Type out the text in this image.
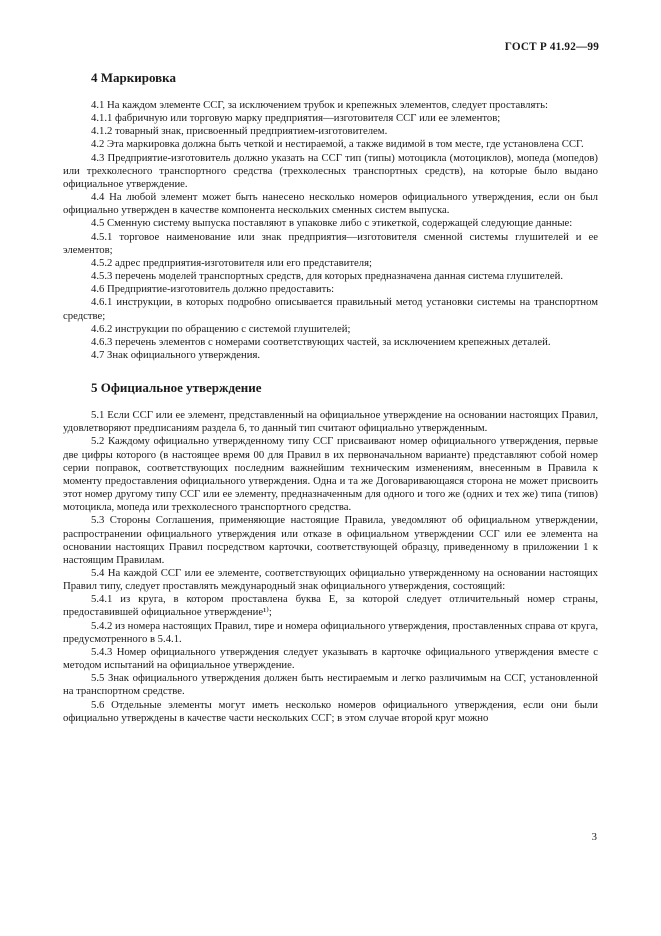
ГОСТ Р 41.92—99
4 Маркировка

4.1 На каждом элементе ССГ, за исключением трубок и крепежных элементов, следует проставлять:

4.1.1 фабричную или торговую марку предприятия—изготовителя ССГ или ее элементов;

4.1.2 товарный знак, присвоенный предприятием-изготовителем.

4.2 Эта маркировка должна быть четкой и нестираемой, а также видимой в том месте, где установлена ССГ.

4.3 Предприятие-изготовитель должно указать на ССГ тип (типы) мотоцикла (мотоциклов), мопеда (мопедов) или трехколесного транспортного средства (трехколесных транспортных средств), на которые было выдано официальное утверждение.

4.4 На любой элемент может быть нанесено несколько номеров официального утверждения, если он был официально утвержден в качестве компонента нескольких сменных систем выпуска.

4.5 Сменную систему выпуска поставляют в упаковке либо с этикеткой, содержащей следующие данные:

4.5.1 торговое наименование или знак предприятия—изготовителя сменной системы глушителей и ее элементов;

4.5.2 адрес предприятия-изготовителя или его представителя;

4.5.3 перечень моделей транспортных средств, для которых предназначена данная система глушителей.

4.6 Предприятие-изготовитель должно предоставить:

4.6.1 инструкции, в которых подробно описывается правильный метод установки системы на транспортном средстве;

4.6.2 инструкции по обращению с системой глушителей;

4.6.3 перечень элементов с номерами соответствующих частей, за исключением крепежных деталей.

4.7 Знак официального утверждения.

5 Официальное утверждение

5.1 Если ССГ или ее элемент, представленный на официальное утверждение на основании настоящих Правил, удовлетворяют предписаниям раздела 6, то данный тип считают официально утвержденным.

5.2 Каждому официально утвержденному типу ССГ присваивают номер официального утверждения, первые две цифры которого (в настоящее время 00 для Правил в их первоначальном варианте) представляют собой номер серии поправок, соответствующих последним важнейшим техническим изменениям, внесенным в Правила к моменту предоставления официального утверждения. Одна и та же Договаривающаяся сторона не может присвоить этот номер другому типу ССГ или ее элементу, предназначенным для одного и того же (одних и тех же) типа (типов) мотоцикла, мопеда или трехколесного транспортного средства.

5.3 Стороны Соглашения, применяющие настоящие Правила, уведомляют об официальном утверждении, распространении официального утверждения или отказе в официальном утверждении ССГ или ее элемента на основании настоящих Правил посредством карточки, соответствующей образцу, приведенному в приложении 1 к настоящим Правилам.

5.4 На каждой ССГ или ее элементе, соответствующих официально утвержденному на основании настоящих Правил типу, следует проставлять международный знак официального утверждения, состоящий:

5.4.1 из круга, в котором проставлена буква Е, за которой следует отличительный номер страны, предоставившей официальное утверждение¹⁾;

5.4.2 из номера настоящих Правил, тире и номера официального утверждения, проставленных справа от круга, предусмотренного в 5.4.1.

5.4.3 Номер официального утверждения следует указывать в карточке официального утверждения вместе с методом испытаний на официальное утверждение.

5.5 Знак официального утверждения должен быть нестираемым и легко различимым на ССГ, установленной на транспортном средстве.

5.6 Отдельные элементы могут иметь несколько номеров официального утверждения, если они были официально утверждены в качестве части нескольких ССГ; в этом случае второй круг можно

3
